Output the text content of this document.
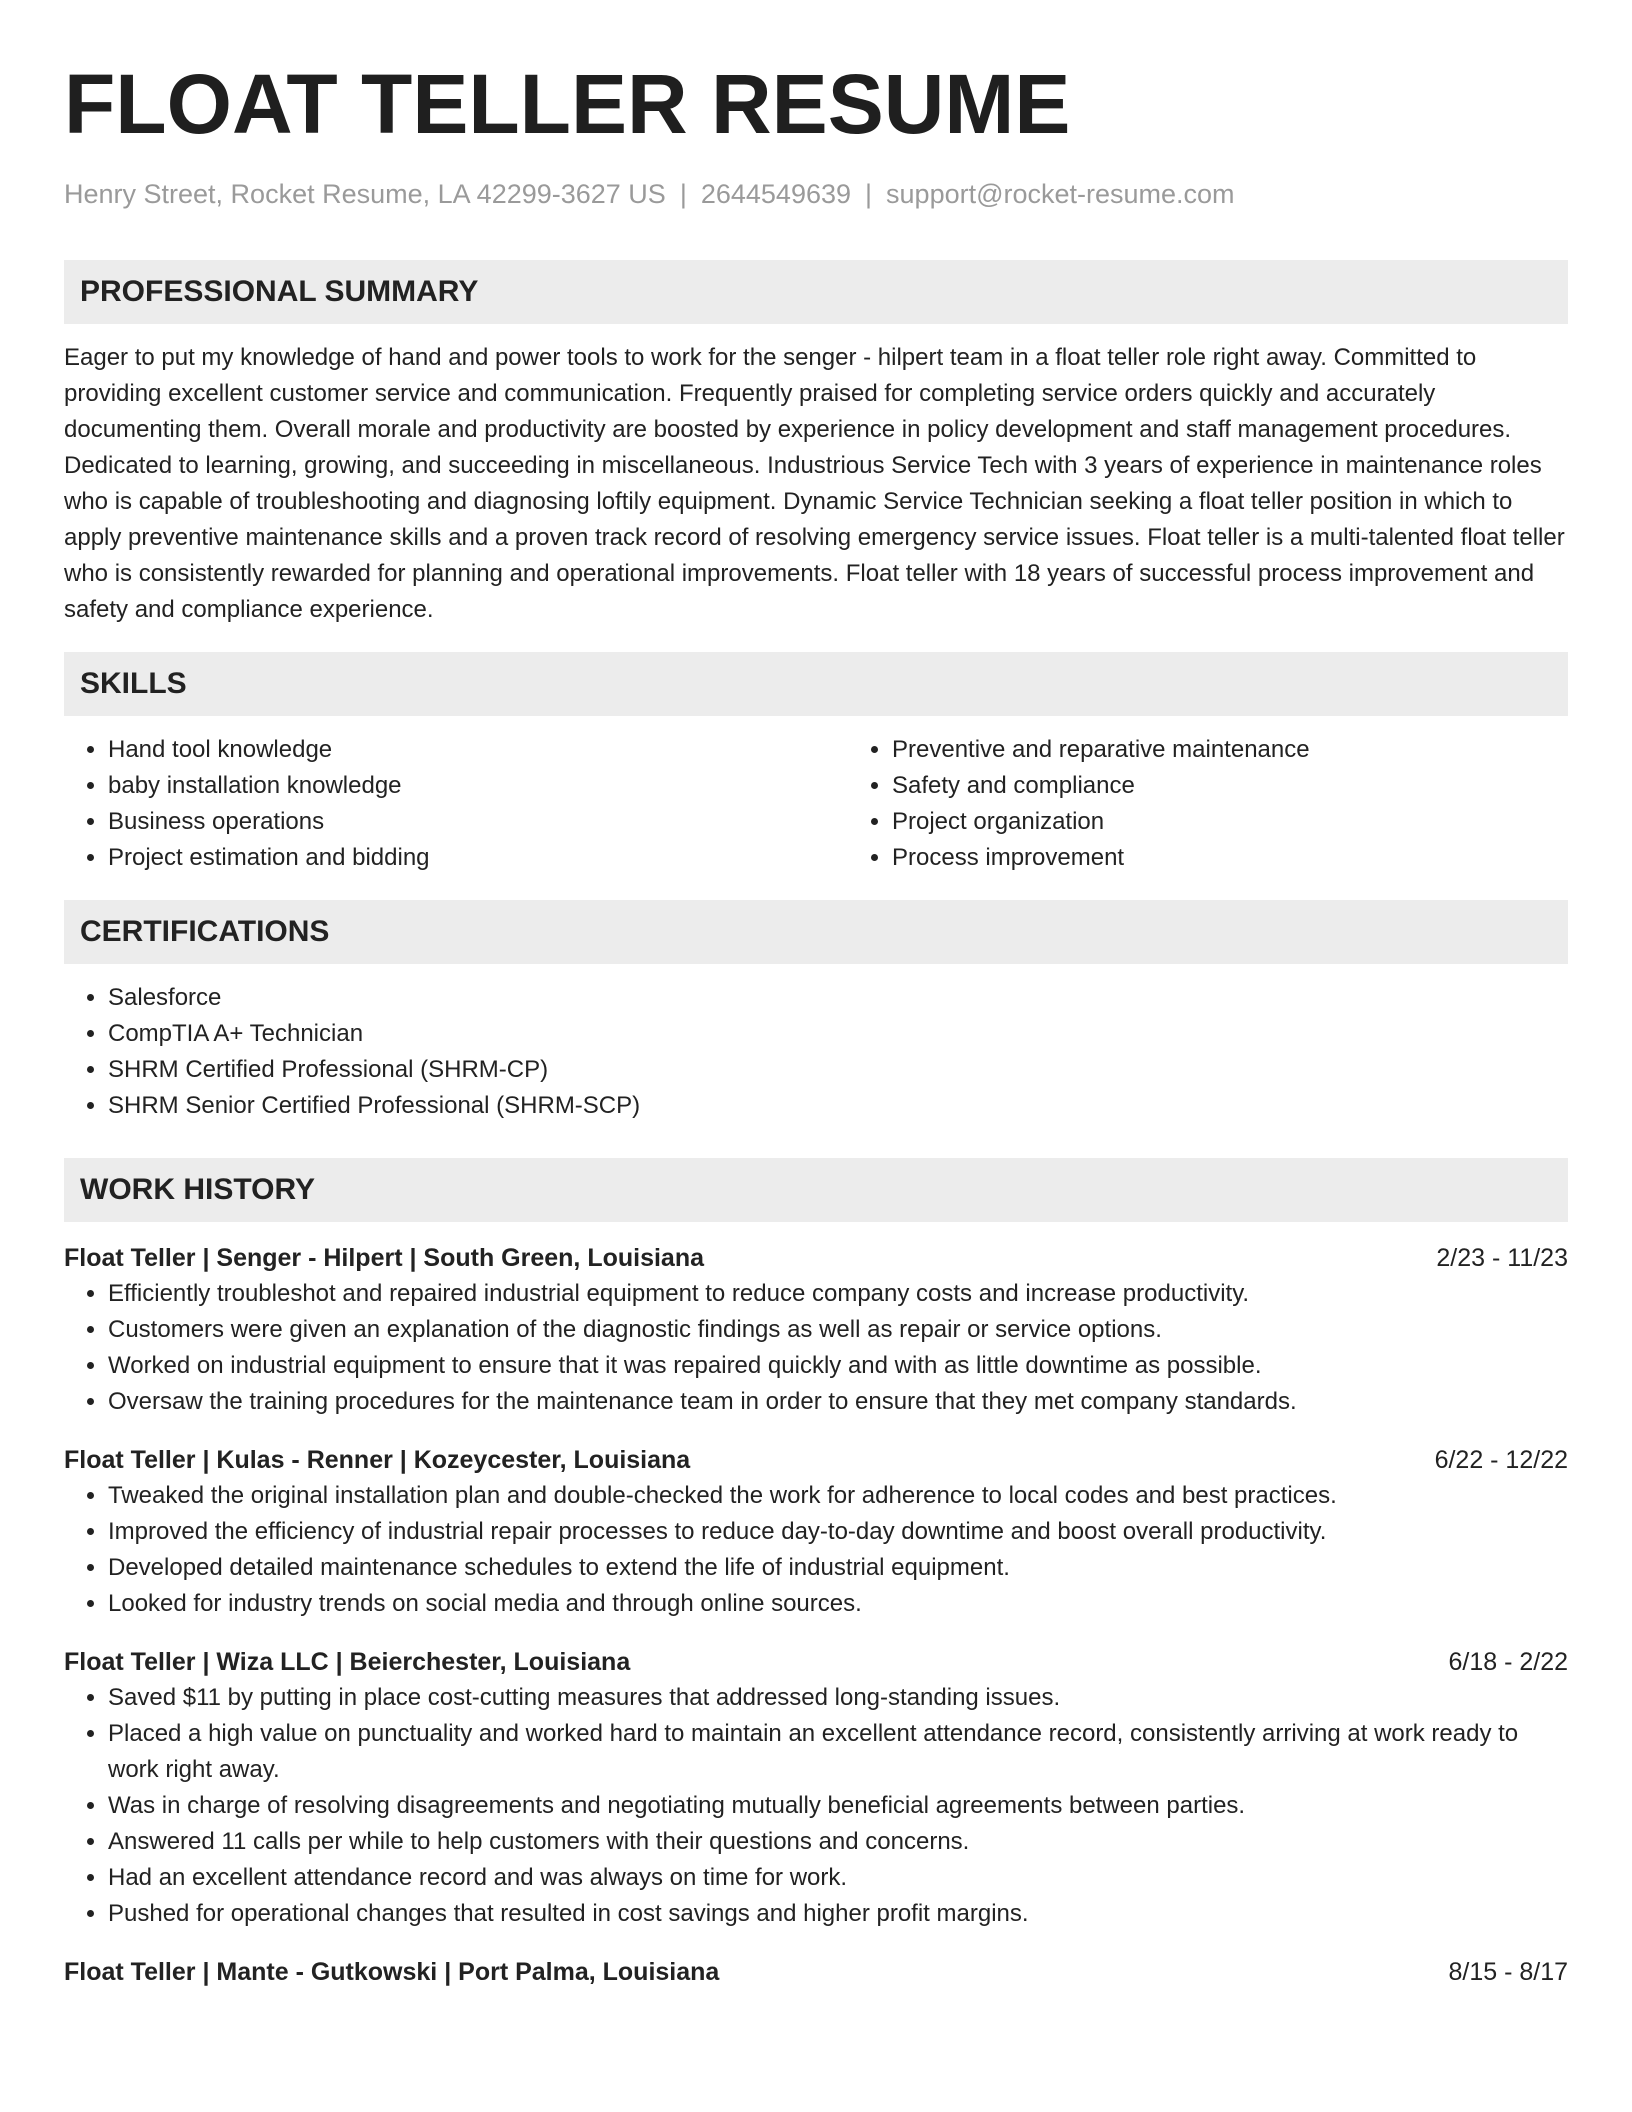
FLOAT TELLER RESUME
Henry Street, Rocket Resume, LA 42299-3627 US | 2644549639 | support@rocket-resume.com
PROFESSIONAL SUMMARY

Eager to put my knowledge of hand and power tools to work for the senger - hilpert team in a float teller role right away. Committed to providing excellent customer service and communication. Frequently praised for completing service orders quickly and accurately documenting them. Overall morale and productivity are boosted by experience in policy development and staff management procedures. Dedicated to learning, growing, and succeeding in miscellaneous. Industrious Service Tech with 3 years of experience in maintenance roles who is capable of troubleshooting and diagnosing loftily equipment. Dynamic Service Technician seeking a float teller position in which to apply preventive maintenance skills and a proven track record of resolving emergency service issues. Float teller is a multi-talented float teller who is consistently rewarded for planning and operational improvements. Float teller with 18 years of successful process improvement and safety and compliance experience.

SKILLS
• Hand tool knowledge
• baby installation knowledge
• Business operations
• Project estimation and bidding
• Preventive and reparative maintenance
• Safety and compliance
• Project organization
• Process improvement
CERTIFICATIONS
• Salesforce
• CompTIA A+ Technician
• SHRM Certified Professional (SHRM-CP)
• SHRM Senior Certified Professional (SHRM-SCP)
WORK HISTORY
Float Teller | Senger - Hilpert | South Green, Louisiana	2/23 - 11/23
• Efficiently troubleshot and repaired industrial equipment to reduce company costs and increase productivity.
• Customers were given an explanation of the diagnostic findings as well as repair or service options.
• Worked on industrial equipment to ensure that it was repaired quickly and with as little downtime as possible.
• Oversaw the training procedures for the maintenance team in order to ensure that they met company standards.
Float Teller | Kulas - Renner | Kozeycester, Louisiana	6/22 - 12/22
• Tweaked the original installation plan and double-checked the work for adherence to local codes and best practices.
• Improved the efficiency of industrial repair processes to reduce day-to-day downtime and boost overall productivity.
• Developed detailed maintenance schedules to extend the life of industrial equipment.
• Looked for industry trends on social media and through online sources.
Float Teller | Wiza LLC | Beierchester, Louisiana	6/18 - 2/22
• Saved $11 by putting in place cost-cutting measures that addressed long-standing issues.
• Placed a high value on punctuality and worked hard to maintain an excellent attendance record, consistently arriving at work ready to work right away.
• Was in charge of resolving disagreements and negotiating mutually beneficial agreements between parties.
• Answered 11 calls per while to help customers with their questions and concerns.
• Had an excellent attendance record and was always on time for work.
• Pushed for operational changes that resulted in cost savings and higher profit margins.
Float Teller | Mante - Gutkowski | Port Palma, Louisiana	8/15 - 8/17
